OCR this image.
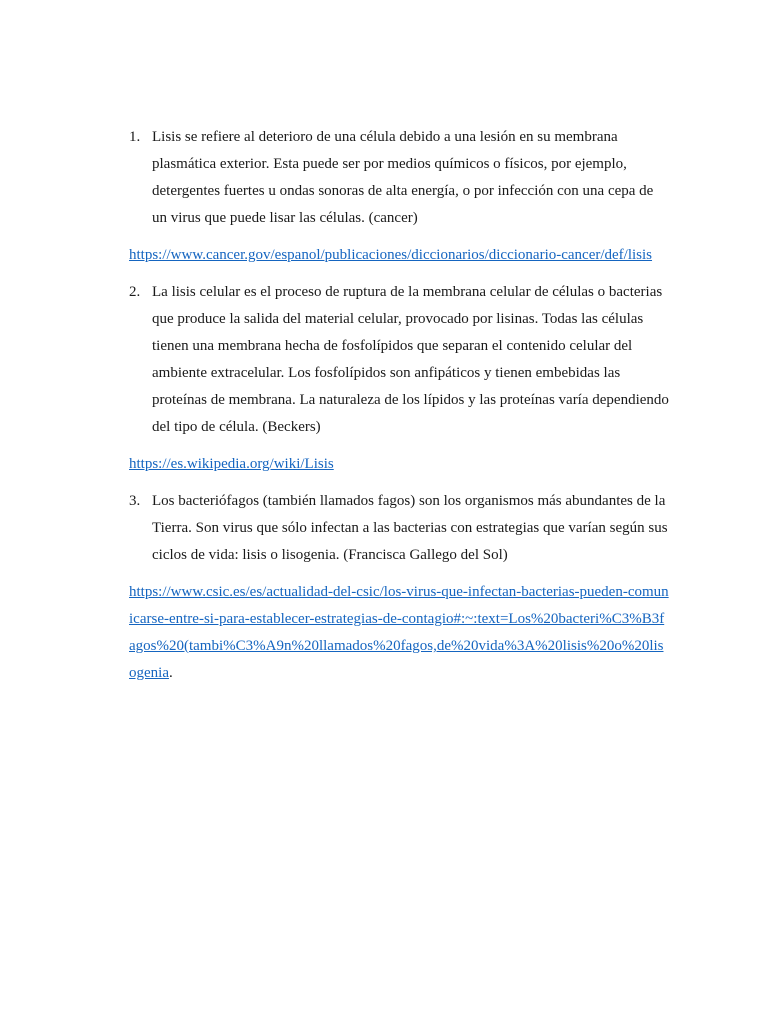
1. Lisis se refiere al deterioro de una célula debido a una lesión en su membrana plasmática exterior. Esta puede ser por medios químicos o físicos, por ejemplo, detergentes fuertes u ondas sonoras de alta energía, o por infección con una cepa de un virus que puede lisar las células. (cancer)
https://www.cancer.gov/espanol/publicaciones/diccionarios/diccionario-cancer/def/lisis
2. La lisis celular es el proceso de ruptura de la membrana celular de células o bacterias que produce la salida del material celular, provocado por lisinas. Todas las células tienen una membrana hecha de fosfolípidos que separan el contenido celular del ambiente extracelular. Los fosfolípidos son anfipáticos y tienen embebidas las proteínas de membrana. La naturaleza de los lípidos y las proteínas varía dependiendo del tipo de célula. (Beckers)
https://es.wikipedia.org/wiki/Lisis
3. Los bacteriófagos (también llamados fagos) son los organismos más abundantes de la Tierra. Son virus que sólo infectan a las bacterias con estrategias que varían según sus ciclos de vida: lisis o lisogenia. (Francisca Gallego del Sol)
https://www.csic.es/es/actualidad-del-csic/los-virus-que-infectan-bacterias-pueden-comunicarse-entre-si-para-establecer-estrategias-de-contagio#:~:text=Los%20bacteri%C3%B3fagos%20(tambi%C3%A9n%20llamados%20fagos,de%20vida%3A%20lisis%20o%20lisogenia.
